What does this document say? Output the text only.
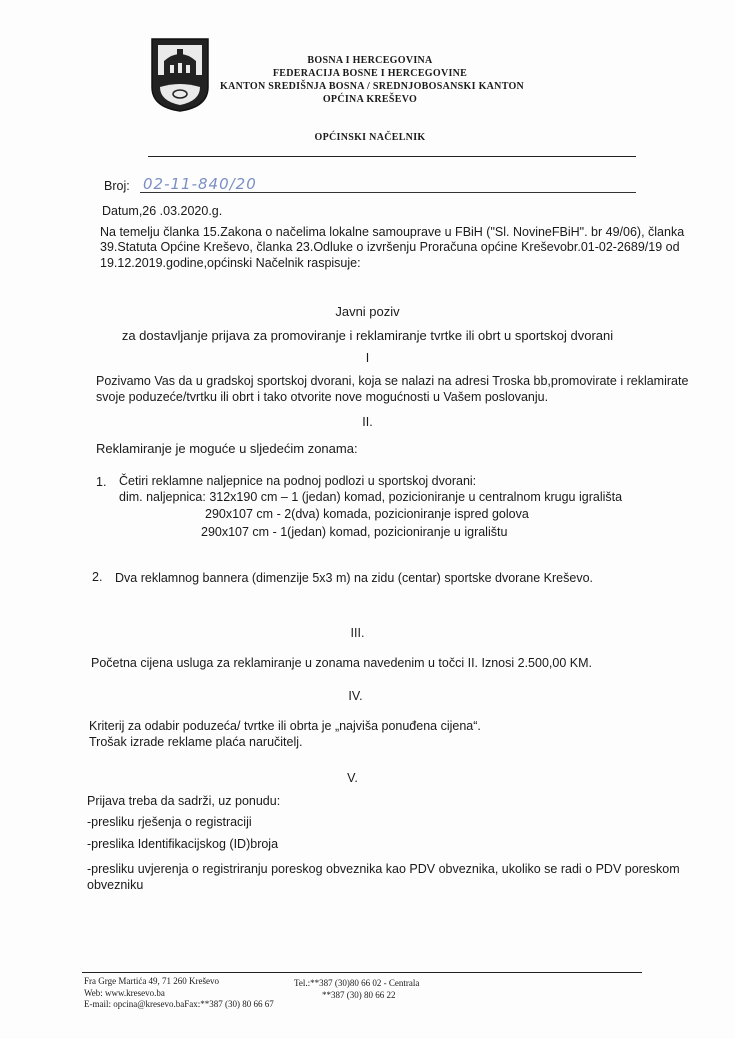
BOSNA I HERCEGOVINA
FEDERACIJA BOSNE I HERCEGOVINE
KANTON SREDIŠNJA BOSNA / SREDNJOBOSANSKI KANTON
OPĆINA KREŠEVO
OPĆINSKI NAČELNIK
Broj: 02-11-840/20
Datum,26 .03.2020.g.
Na temelju članka 15.Zakona o načelima lokalne samouprave u FBiH ("Sl. NovineFBiH". br 49/06), članka
39.Statuta Općine Kreševo, članka 23.Odluke o izvršenju Proračuna općine Kreševobr.01-02-2689/19 od
19.12.2019.godine,općinski Načelnik raspisuje:
Javni poziv
za dostavljanje prijava za promoviranje i reklamiranje tvrtke ili obrt u sportskoj dvorani
I
Pozivamo Vas da u gradskoj sportskoj dvorani, koja se nalazi na adresi Troska bb,promovirate i reklamirate
svoje poduzeće/tvrtku ili obrt i tako otvorite nove mogućnosti u Vašem poslovanju.
II.
Reklamiranje je moguće u sljedećim zonama:
1. Četiri reklamne naljepnice na podnoj podlozi u sportskoj dvorani:
dim. naljepnica: 312x190 cm – 1 (jedan) komad, pozicioniranje u centralnom krugu igrališta
290x107 cm - 2(dva) komada, pozicioniranje ispred golova
290x107 cm - 1(jedan) komad, pozicioniranje u igralištu
2. Dva reklamnog bannera (dimenzije 5x3 m) na zidu (centar) sportske dvorane Kreševo.
III.
Početna cijena usluga za reklamiranje u zonama navedenim u točci II. Iznosi 2.500,00 KM.
IV.
Kriterij za odabir poduzeća/ tvrtke ili obrta je „najviša ponuđena cijena“.
Trošak izrade reklame plaća naručitelj.
V.
Prijava treba da sadrži, uz ponudu:
-presliku rješenja o registraciji
-preslika Identifikacijskog (ID)broja
-presliku uvjerenja o registriranju poreskog obveznika kao PDV obveznika, ukoliko se radi o PDV poreskom
obvezniku
Fra Grge Martića 49, 71 260 Kreševo
Web: www.kresevo.ba
E-mail: opcina@kresevo.baFax:**387 (30) 80 66 67
Tel.:**387 (30)80 66 02 - Centrala
**387 (30) 80 66 22
